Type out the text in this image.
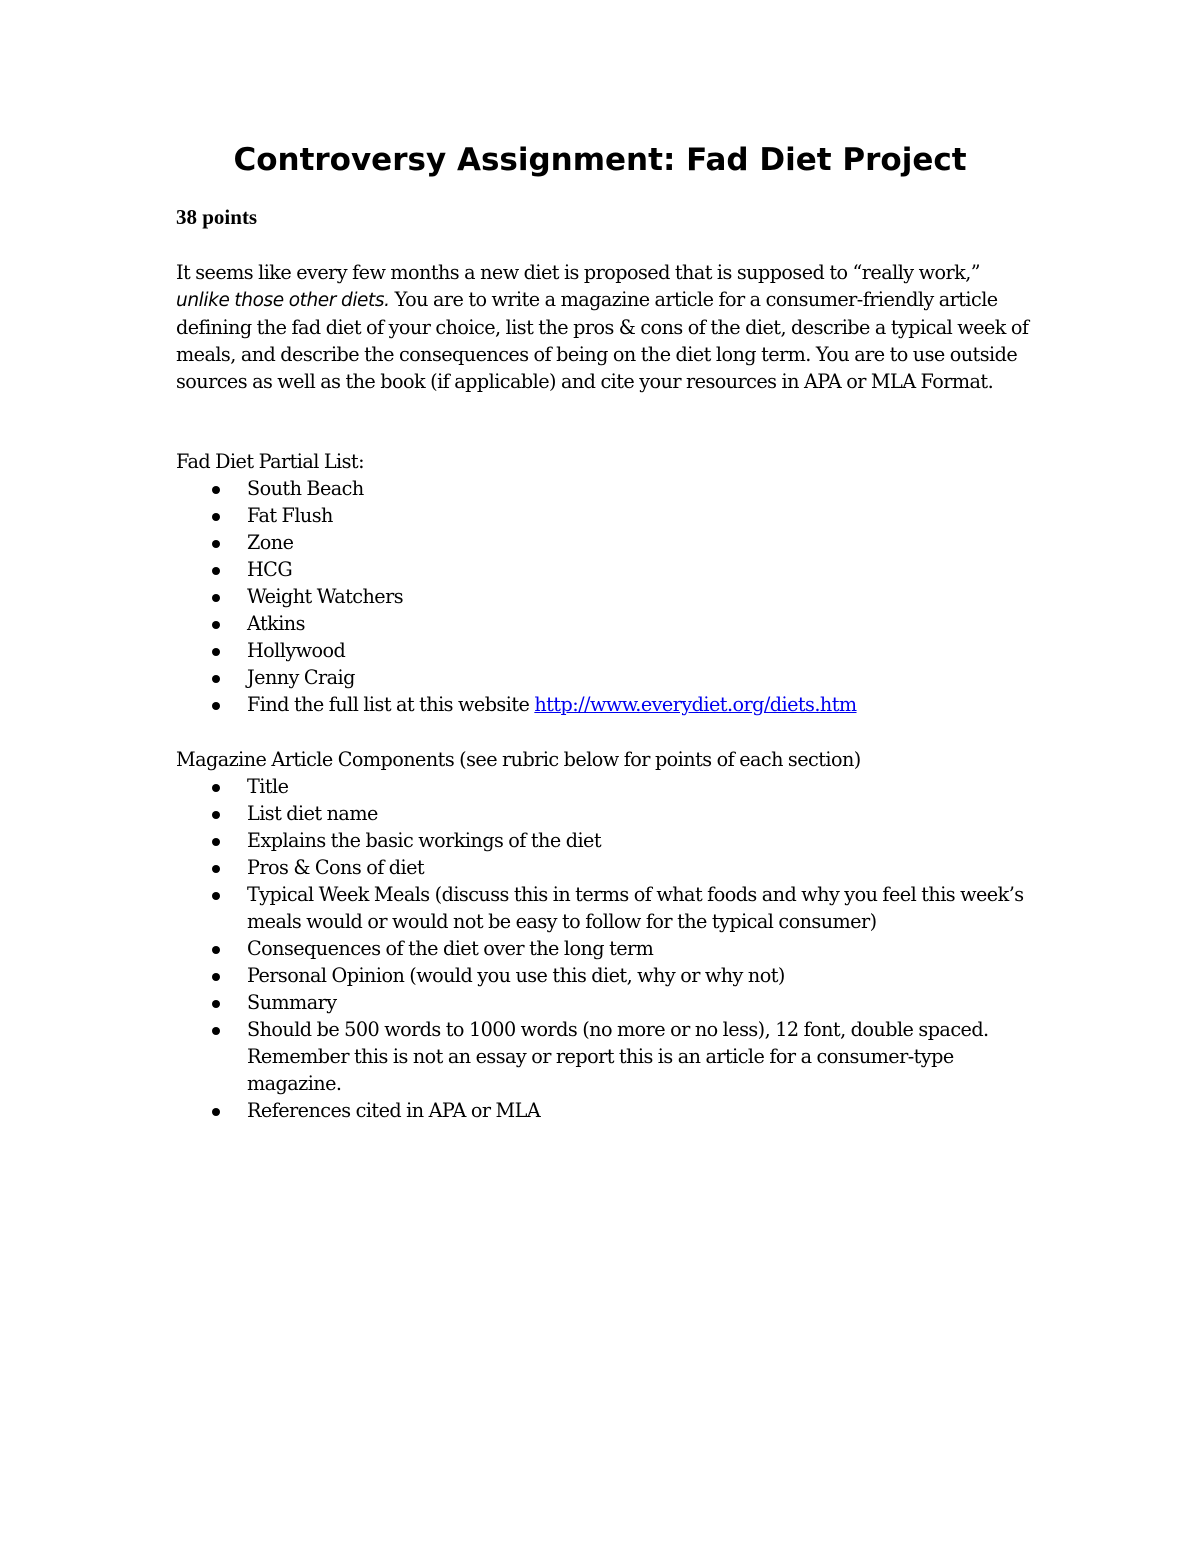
Controversy Assignment: Fad Diet Project

38 points

It seems like every few months a new diet is proposed that is supposed to “really work,” unlike those other diets. You are to write a magazine article for a consumer-friendly article defining the fad diet of your choice, list the pros & cons of the diet, describe a typical week of meals, and describe the consequences of being on the diet long term. You are to use outside sources as well as the book (if applicable) and cite your resources in APA or MLA Format.

Fad Diet Partial List:

South Beach
Fat Flush
Zone
HCG
Weight Watchers
Atkins
Hollywood
Jenny Craig
Find the full list at this website http://www.everydiet.org/diets.htm

Magazine Article Components (see rubric below for points of each section)

Title
List diet name
Explains the basic workings of the diet
Pros & Cons of diet
Typical Week Meals (discuss this in terms of what foods and why you feel this week’s meals would or would not be easy to follow for the typical consumer)
Consequences of the diet over the long term
Personal Opinion (would you use this diet, why or why not)
Summary
Should be 500 words to 1000 words (no more or no less), 12 font, double spaced. Remember this is not an essay or report this is an article for a consumer-type magazine.
References cited in APA or MLA
